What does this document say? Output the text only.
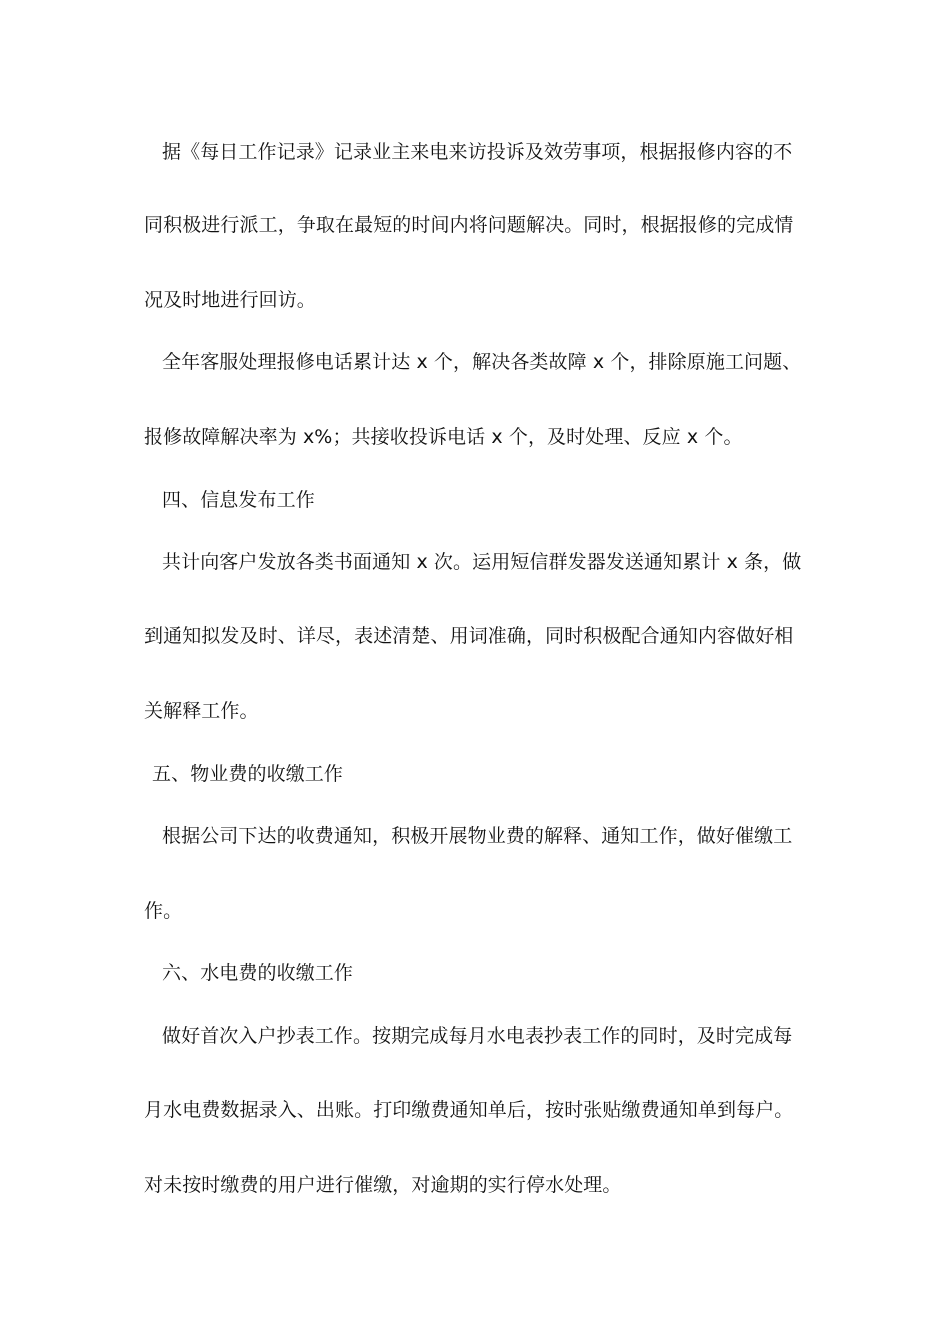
据《每日工作记录》记录业主来电来访投诉及效劳事项，根据报修内容的不
同积极进行派工，争取在最短的时间内将问题解决。同时，根据报修的完成情
况及时地进行回访。
全年客服处理报修电话累计达 x 个，解决各类故障 x 个，排除原施工问题、
报修故障解决率为 x%；共接收投诉电话 x 个，及时处理、反应 x 个。
四、信息发布工作
共计向客户发放各类书面通知 x 次。运用短信群发器发送通知累计 x 条，做
到通知拟发及时、详尽，表述清楚、用词准确，同时积极配合通知内容做好相
关解释工作。
五、物业费的收缴工作
根据公司下达的收费通知，积极开展物业费的解释、通知工作，做好催缴工
作。
六、水电费的收缴工作
做好首次入户抄表工作。按期完成每月水电表抄表工作的同时，及时完成每
月水电费数据录入、出账。打印缴费通知单后，按时张贴缴费通知单到每户。
对未按时缴费的用户进行催缴，对逾期的实行停水处理。
